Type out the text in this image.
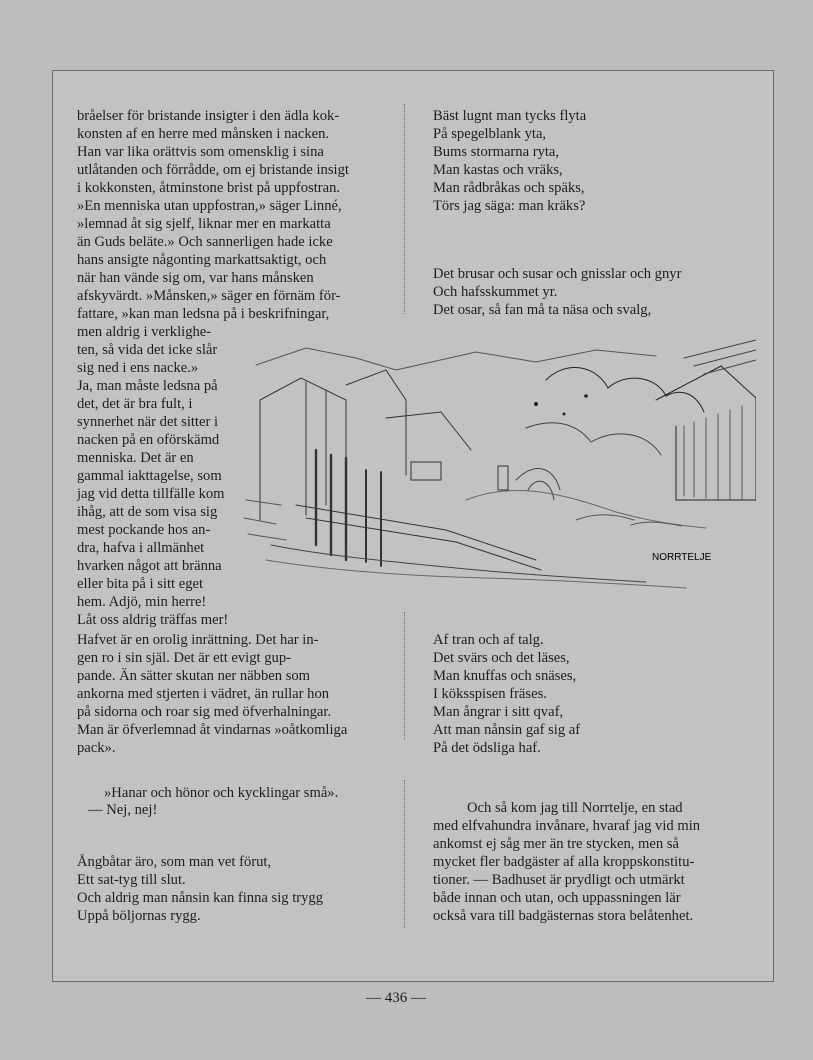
bråelser för bristande insigter i den ädla kok-
konsten af en herre med månsken i nacken.
Han var lika orättvis som omensklig i sina
utlåtanden och förrådde, om ej bristande insigt
i kokkonsten, åtminstone brist på uppfostran.
»En menniska utan uppfostran,» säger Linné,
»lemnad åt sig sjelf, liknar mer en markatta
än Guds beläte.» Och sannerligen hade icke
hans ansigte någonting markattsaktigt, och
när han vände sig om, var hans månsken
afskyvärdt. »Månsken,» säger en förnäm för-
fattare, »kan man ledsna på i beskrifningar,
men aldrig i verklighe-
ten, så vida det icke slår
sig ned i ens nacke.»
Ja, man måste ledsna på
det, det är bra fult, i
synnerhet när det sitter i
nacken på en oförskämd
menniska. Det är en
gammal iakttagelse, som
jag vid detta tillfälle kom
ihåg, att de som visa sig
mest pockande hos an-
dra, hafva i allmänhet
hvarken något att bränna
eller bita på i sitt eget
hem. Adjö, min herre!
Låt oss aldrig träffas mer!
Hafvet är en orolig inrättning. Det har in-
gen ro i sin själ. Det är ett evigt gup-
pande. Än sätter skutan ner näbben som
ankorna med stjerten i vädret, än rullar hon
på sidorna och roar sig med öfverhalningar.
Man är öfverlemnad åt vindarnas »oåtkomliga
pack».
»Hanar och hönor och kycklingar små».
— Nej, nej!
Ångbåtar äro, som man vet förut,
Ett sat-tyg till slut.
Och aldrig man nånsin kan finna sig trygg
Uppå böljornas rygg.
Bäst lugnt man tycks flyta
På spegelblank yta,
Bums stormarna ryta,
Man kastas och vräks,
Man rådbråkas och späks,
Törs jag säga: man kräks?
Det brusar och susar och gnisslar och gnyr
Och hafsskummet yr.
Det osar, så fan må ta näsa och svalg,
Af tran och af talg.
Det svärs och det läses,
Man knuffas och snäses,
I köksspisen fräses.
Man ångrar i sitt qvaf,
Att man nånsin gaf sig af
På det ödsliga haf.
Och så kom jag till Norrtelje, en stad
med elfvahundra invånare, hvaraf jag vid min
ankomst ej såg mer än tre stycken, men så
mycket fler badgäster af alla kroppskonstitu-
tioner. — Badhuset är prydligt och utmärkt
både innan och utan, och uppassningen lär
också vara till badgästernas stora belåtenhet.
NORRTELJE
— 436 —
